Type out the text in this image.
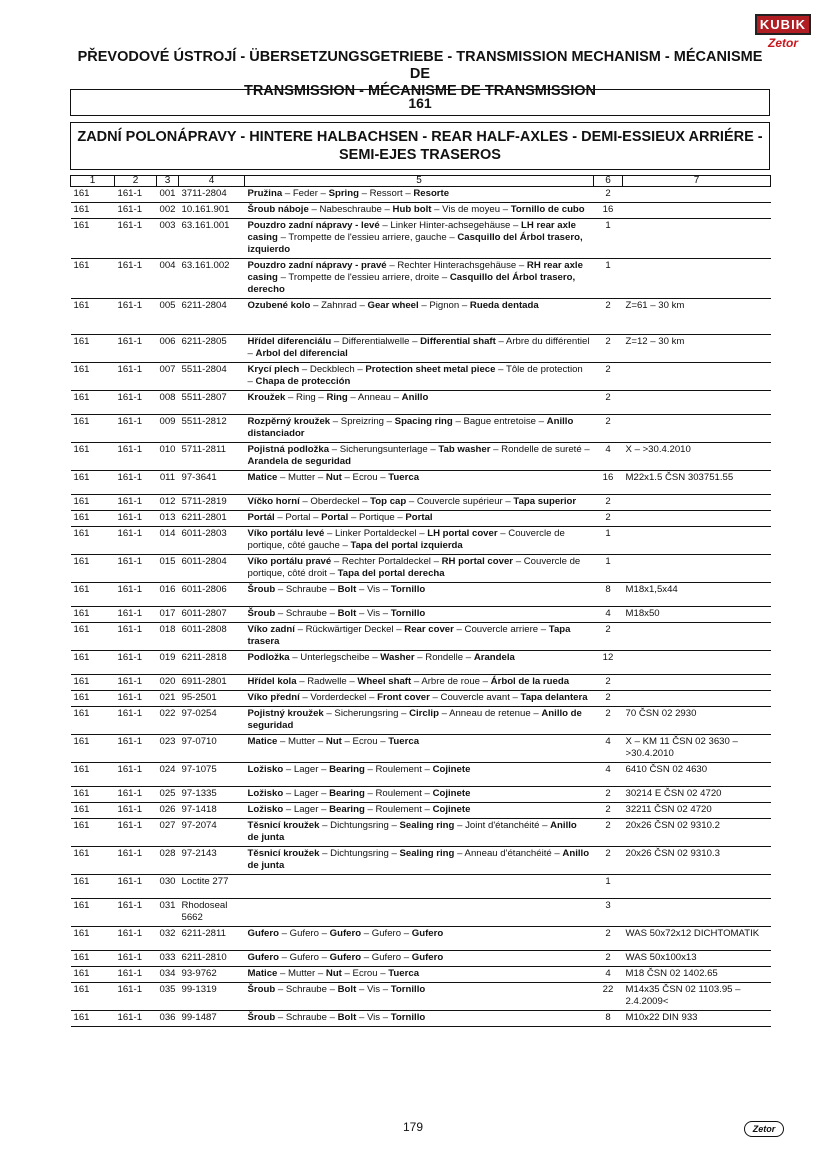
KUBIK
Zetor
PŘEVODOVÉ ÚSTROJÍ - ÜBERSETZUNGSGETRIEBE - TRANSMISSION MECHANISM - MÉCANISME DE
TRANSMISSION - MÉCANISME DE TRANSMISSION
161
ZADNÍ POLONÁPRAVY - HINTERE HALBACHSEN - REAR HALF-AXLES - DEMI-ESSIEUX ARRIÉRE -
SEMI-EJES TRASEROS
1	2	3	4	5	6	7
161	161-1	001	3711-2804	Pružina – Feder – Spring – Ressort – Resorte	2	
161	161-1	002	10.161.901	Šroub náboje – Nabeschraube – Hub bolt – Vis de moyeu – Tornillo de cubo	16	
161	161-1	003	63.161.001	Pouzdro zadní nápravy - levé – Linker Hinter-achsegehäuse – LH rear axle casing – Trompette de l'essieu arriere, gauche – Casquillo del Árbol trasero, izquierdo	1	
161	161-1	004	63.161.002	Pouzdro zadní nápravy - pravé – Rechter Hinterachsgehäuse – RH rear axle casing – Trompette de l'essieu arriere, droite – Casquillo del Árbol trasero, derecho	1	
161	161-1	005	6211-2804	Ozubené kolo – Zahnrad – Gear wheel – Pignon – Rueda dentada	2	Z=61 – 30 km
161	161-1	006	6211-2805	Hřídel diferenciálu – Differentialwelle – Differential shaft – Arbre du différentiel – Arbol del diferencial	2	Z=12 – 30 km
161	161-1	007	5511-2804	Krycí plech – Deckblech – Protection sheet metal piece – Tôle de protection – Chapa de protección	2	
161	161-1	008	5511-2807	Kroužek – Ring – Ring – Anneau – Anillo	2	
161	161-1	009	5511-2812	Rozpěrný kroužek – Spreizring – Spacing ring – Bague entretoise – Anillo distanciador	2	
161	161-1	010	5711-2811	Pojistná podložka – Sicherungsunterlage – Tab washer – Rondelle de sureté – Arandela de seguridad	4	X – >30.4.2010
161	161-1	011	97-3641	Matice – Mutter – Nut – Ecrou – Tuerca	16	M22x1.5 ČSN 303751.55
161	161-1	012	5711-2819	Víčko horní – Oberdeckel – Top cap – Couvercle supérieur – Tapa superior	2	
161	161-1	013	6211-2801	Portál – Portal – Portal – Portique – Portal	2	
161	161-1	014	6011-2803	Víko portálu levé – Linker Portaldeckel – LH portal cover – Couvercle de portique, côté gauche – Tapa del portal izquierda	1	
161	161-1	015	6011-2804	Víko portálu pravé – Rechter Portaldeckel – RH portal cover – Couvercle de portique, côté droit – Tapa del portal derecha	1	
161	161-1	016	6011-2806	Šroub – Schraube – Bolt – Vis – Tornillo	8	M18x1,5x44
161	161-1	017	6011-2807	Šroub – Schraube – Bolt – Vis – Tornillo	4	M18x50
161	161-1	018	6011-2808	Víko zadní – Rückwärtiger Deckel – Rear cover – Couvercle arriere – Tapa trasera	2	
161	161-1	019	6211-2818	Podložka – Unterlegscheibe – Washer – Rondelle – Arandela	12	
161	161-1	020	6911-2801	Hřídel kola – Radwelle – Wheel shaft – Arbre de roue – Árbol de la rueda	2	
161	161-1	021	95-2501	Víko přední – Vorderdeckel – Front cover – Couvercle avant – Tapa delantera	2	
161	161-1	022	97-0254	Pojistný kroužek – Sicherungsring – Circlip – Anneau de retenue – Anillo de seguridad	2	70 ČSN 02 2930
161	161-1	023	97-0710	Matice – Mutter – Nut – Ecrou – Tuerca	4	X – KM 11 ČSN 02 3630 – >30.4.2010
161	161-1	024	97-1075	Ložisko – Lager – Bearing – Roulement – Cojinete	4	6410 ČSN 02 4630
161	161-1	025	97-1335	Ložisko – Lager – Bearing – Roulement – Cojinete	2	30214 E ČSN 02 4720
161	161-1	026	97-1418	Ložisko – Lager – Bearing – Roulement – Cojinete	2	32211 ČSN 02 4720
161	161-1	027	97-2074	Těsnicí kroužek – Dichtungsring – Sealing ring – Joint d'étanchéité – Anillo de junta	2	20x26 ČSN 02 9310.2
161	161-1	028	97-2143	Těsnicí kroužek – Dichtungsring – Sealing ring – Anneau d'étanchéité – Anillo de junta	2	20x26 ČSN 02 9310.3
161	161-1	030	Loctite 277		1	
161	161-1	031	Rhodoseal 5662		3	
161	161-1	032	6211-2811	Gufero – Gufero – Gufero – Gufero – Gufero	2	WAS 50x72x12 DICHTOMATIK
161	161-1	033	6211-2810	Gufero – Gufero – Gufero – Gufero – Gufero	2	WAS 50x100x13
161	161-1	034	93-9762	Matice – Mutter – Nut – Ecrou – Tuerca	4	M18 ČSN 02 1402.65
161	161-1	035	99-1319	Šroub – Schraube – Bolt – Vis – Tornillo	22	M14x35 ČSN 02 1103.95 – 2.4.2009<
161	161-1	036	99-1487	Šroub – Schraube – Bolt – Vis – Tornillo	8	M10x22 DIN 933
179	Zetor
